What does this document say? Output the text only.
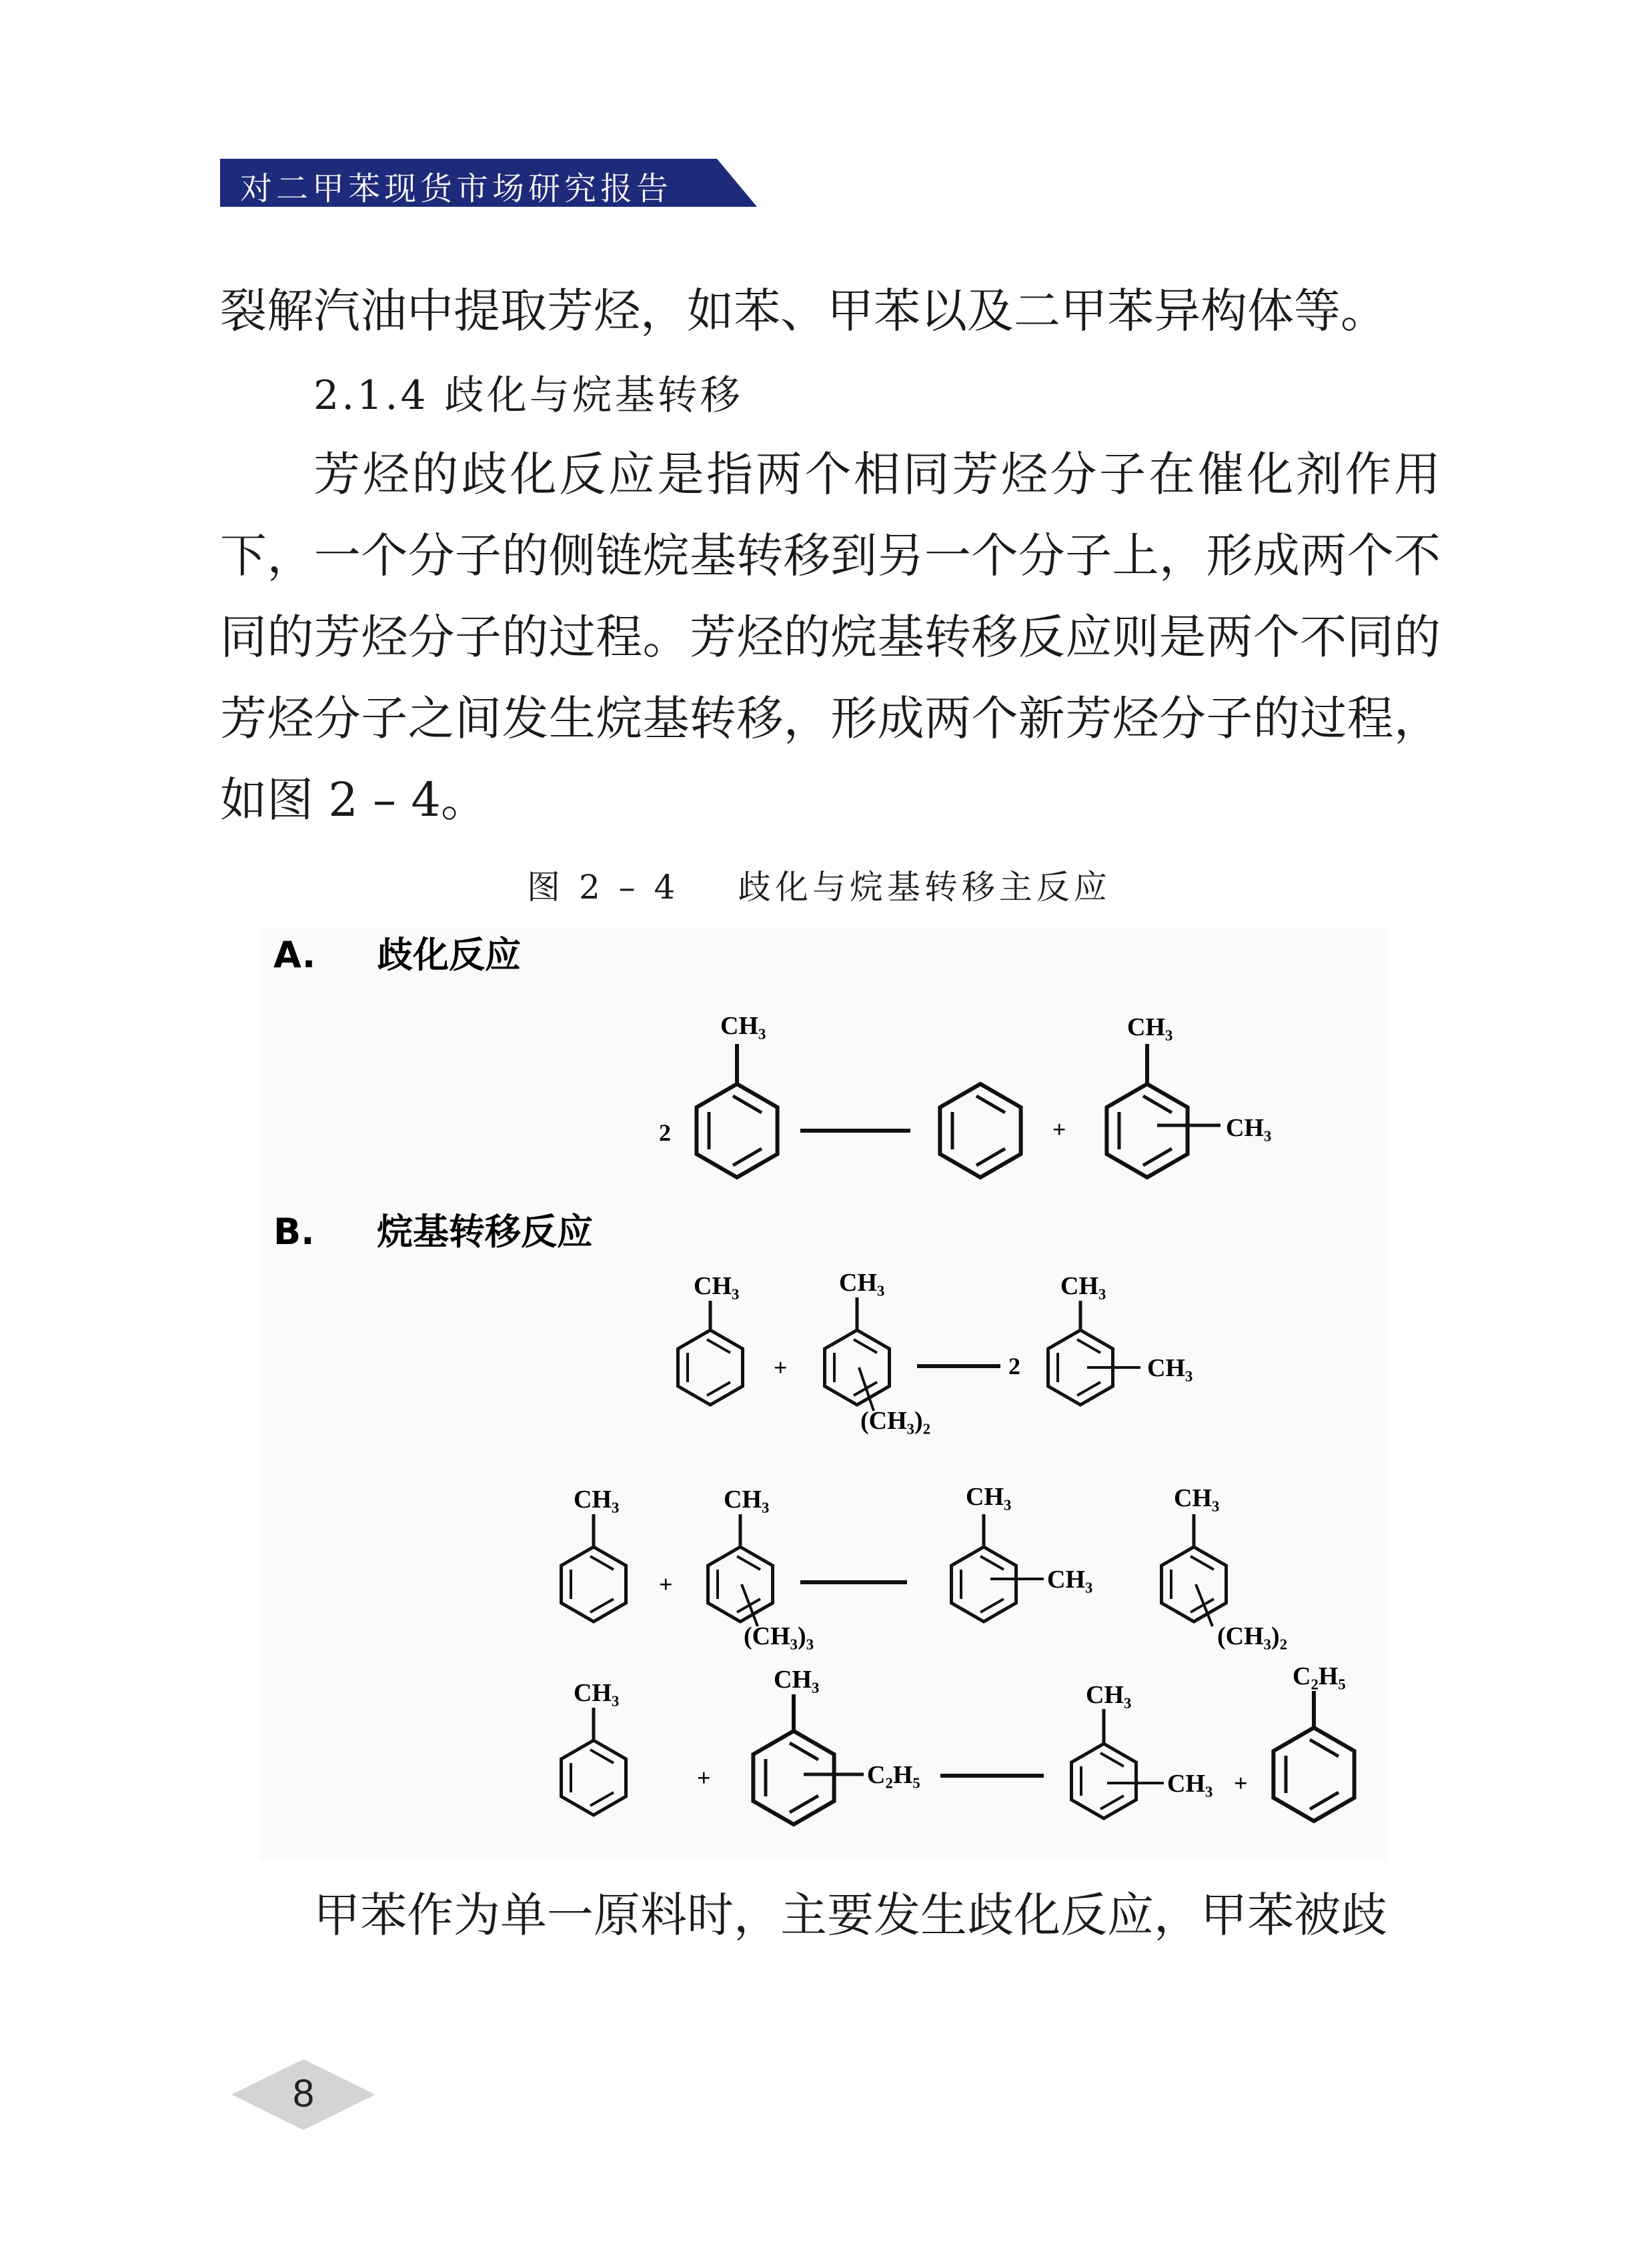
对二甲苯现货市场研究报告

裂解汽油中提取芳烃，如苯、甲苯以及二甲苯异构体等。

2.1.4 歧化与烷基转移

芳烃的歧化反应是指两个相同芳烃分子在催化剂作用下，一个分子的侧链烷基转移到另一个分子上，形成两个不同的芳烃分子的过程。芳烃的烷基转移反应则是两个不同的芳烃分子之间发生烷基转移，形成两个新芳烃分子的过程，如图 2 – 4。

图 2 – 4    歧化与烷基转移主反应
A. 歧化反应
CH₃
2	+
CH₃
CH₃
B. 烷基转移反应
CH₃
+
CH₃
(CH₃)₂
2
CH₃
CH₃
CH₃
+
CH₃
(CH₃)₃
CH₃
CH₃
CH₃
(CH₃)₂
CH₃
+
CH₃
C₂H₅
CH₃
CH₃ +
C₂H₅

甲苯作为单一原料时，主要发生歧化反应，甲苯被歧

8
